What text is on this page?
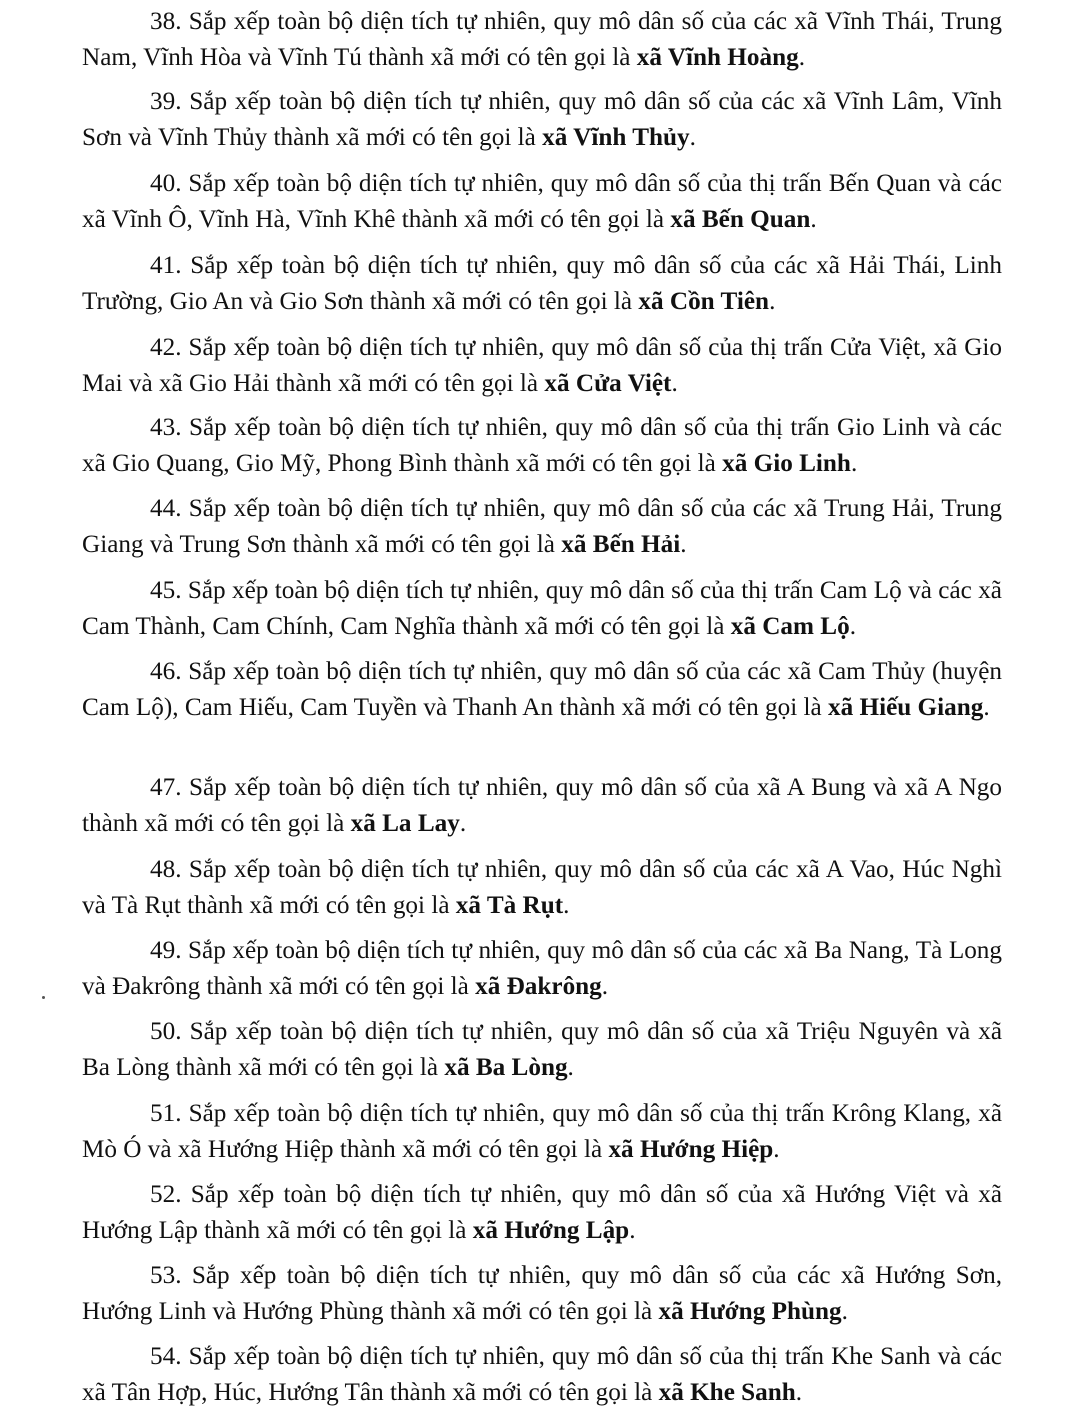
38. Sắp xếp toàn bộ diện tích tự nhiên, quy mô dân số của các xã Vĩnh Thái, Trung Nam, Vĩnh Hòa và Vĩnh Tú thành xã mới có tên gọi là xã Vĩnh Hoàng.

39. Sắp xếp toàn bộ diện tích tự nhiên, quy mô dân số của các xã Vĩnh Lâm, Vĩnh Sơn và Vĩnh Thủy thành xã mới có tên gọi là xã Vĩnh Thủy.

40. Sắp xếp toàn bộ diện tích tự nhiên, quy mô dân số của thị trấn Bến Quan và các xã Vĩnh Ô, Vĩnh Hà, Vĩnh Khê thành xã mới có tên gọi là xã Bến Quan.

41. Sắp xếp toàn bộ diện tích tự nhiên, quy mô dân số của các xã Hải Thái, Linh Trường, Gio An và Gio Sơn thành xã mới có tên gọi là xã Cồn Tiên.

42. Sắp xếp toàn bộ diện tích tự nhiên, quy mô dân số của thị trấn Cửa Việt, xã Gio Mai và xã Gio Hải thành xã mới có tên gọi là xã Cửa Việt.

43. Sắp xếp toàn bộ diện tích tự nhiên, quy mô dân số của thị trấn Gio Linh và các xã Gio Quang, Gio Mỹ, Phong Bình thành xã mới có tên gọi là xã Gio Linh.

44. Sắp xếp toàn bộ diện tích tự nhiên, quy mô dân số của các xã Trung Hải, Trung Giang và Trung Sơn thành xã mới có tên gọi là xã Bến Hải.

45. Sắp xếp toàn bộ diện tích tự nhiên, quy mô dân số của thị trấn Cam Lộ và các xã Cam Thành, Cam Chính, Cam Nghĩa thành xã mới có tên gọi là xã Cam Lộ.

46. Sắp xếp toàn bộ diện tích tự nhiên, quy mô dân số của các xã Cam Thủy (huyện Cam Lộ), Cam Hiếu, Cam Tuyền và Thanh An thành xã mới có tên gọi là xã Hiếu Giang.

47. Sắp xếp toàn bộ diện tích tự nhiên, quy mô dân số của xã A Bung và xã A Ngo thành xã mới có tên gọi là xã La Lay.

48. Sắp xếp toàn bộ diện tích tự nhiên, quy mô dân số của các xã A Vao, Húc Nghì và Tà Rụt thành xã mới có tên gọi là xã Tà Rụt.

49. Sắp xếp toàn bộ diện tích tự nhiên, quy mô dân số của các xã Ba Nang, Tà Long và Đakrông thành xã mới có tên gọi là xã Đakrông.

50. Sắp xếp toàn bộ diện tích tự nhiên, quy mô dân số của xã Triệu Nguyên và xã Ba Lòng thành xã mới có tên gọi là xã Ba Lòng.

51. Sắp xếp toàn bộ diện tích tự nhiên, quy mô dân số của thị trấn Krông Klang, xã Mò Ó và xã Hướng Hiệp thành xã mới có tên gọi là xã Hướng Hiệp.

52. Sắp xếp toàn bộ diện tích tự nhiên, quy mô dân số của xã Hướng Việt và xã Hướng Lập thành xã mới có tên gọi là xã Hướng Lập.

53. Sắp xếp toàn bộ diện tích tự nhiên, quy mô dân số của các xã Hướng Sơn, Hướng Linh và Hướng Phùng thành xã mới có tên gọi là xã Hướng Phùng.

54. Sắp xếp toàn bộ diện tích tự nhiên, quy mô dân số của thị trấn Khe Sanh và các xã Tân Hợp, Húc, Hướng Tân thành xã mới có tên gọi là xã Khe Sanh.
